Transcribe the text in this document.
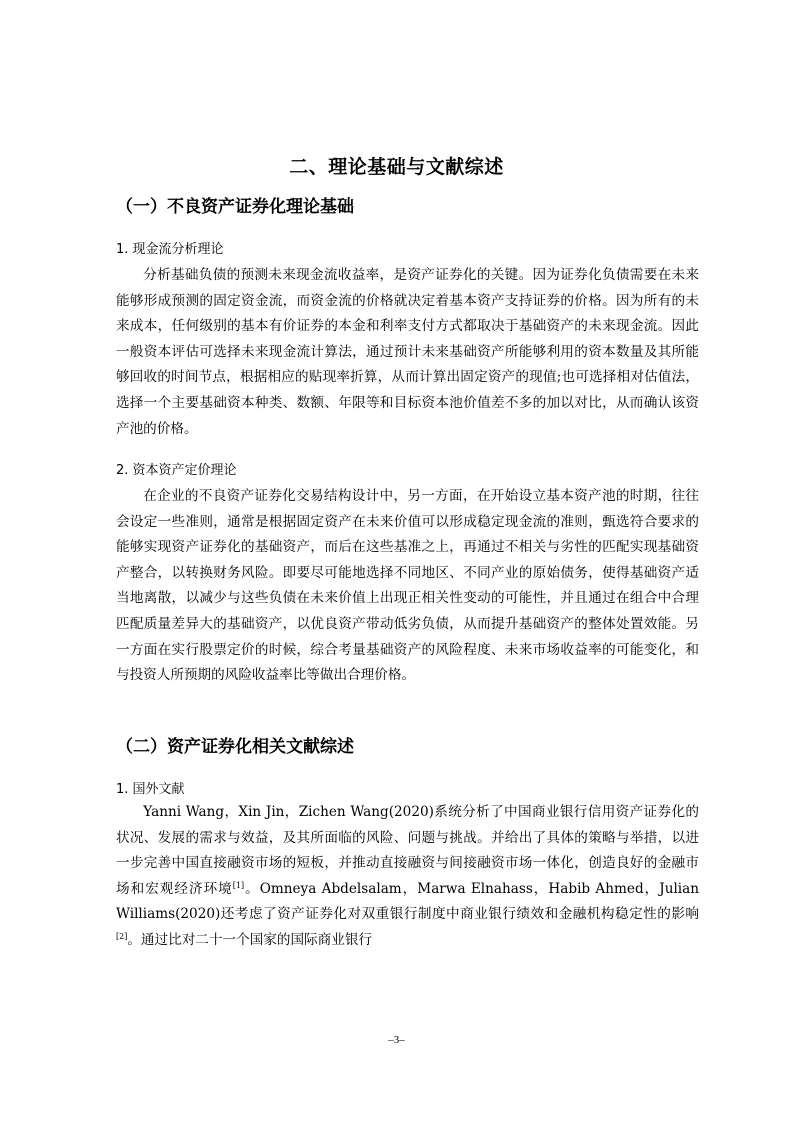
二、理论基础与文献综述
（一）不良资产证券化理论基础
1. 现金流分析理论

分析基础负债的预测未来现金流收益率，是资产证券化的关键。因为证券化负债需要在未来能够形成预测的固定资金流，而资金流的价格就决定着基本资产支持证券的价格。因为所有的未来成本，任何级别的基本有价证券的本金和利率支付方式都取决于基础资产的未来现金流。因此一般资本评估可选择未来现金流计算法，通过预计未来基础资产所能够利用的资本数量及其所能够回收的时间节点，根据相应的贴现率折算，从而计算出固定资产的现值;也可选择相对估值法，选择一个主要基础资本种类、数额、年限等和目标资本池价值差不多的加以对比，从而确认该资产池的价格。

2. 资本资产定价理论

在企业的不良资产证券化交易结构设计中，另一方面，在开始设立基本资产池的时期，往往会设定一些准则，通常是根据固定资产在未来价值可以形成稳定现金流的准则，甄选符合要求的能够实现资产证券化的基础资产，而后在这些基准之上，再通过不相关与劣性的匹配实现基础资产整合，以转换财务风险。即要尽可能地选择不同地区、不同产业的原始债务，使得基础资产适当地离散，以减少与这些负债在未来价值上出现正相关性变动的可能性，并且通过在组合中合理匹配质量差异大的基础资产，以优良资产带动低劣负债，从而提升基础资产的整体处置效能。另一方面在实行股票定价的时候，综合考量基础资产的风险程度、未来市场收益率的可能变化，和与投资人所预期的风险收益率比等做出合理价格。

（二）资产证券化相关文献综述
1. 国外文献

Yanni Wang，Xin Jin，Zichen Wang(2020)系统分析了中国商业银行信用资产证券化的状况、发展的需求与效益，及其所面临的风险、问题与挑战。并给出了具体的策略与举措，以进一步完善中国直接融资市场的短板，并推动直接融资与间接融资市场一体化，创造良好的金融市场和宏观经济环境[1]。Omneya Abdelsalam，Marwa Elnahass，Habib Ahmed，Julian Williams(2020)还考虑了资产证券化对双重银行制度中商业银行绩效和金融机构稳定性的影响[2]。通过比对二十一个国家的国际商业银行

–3–
